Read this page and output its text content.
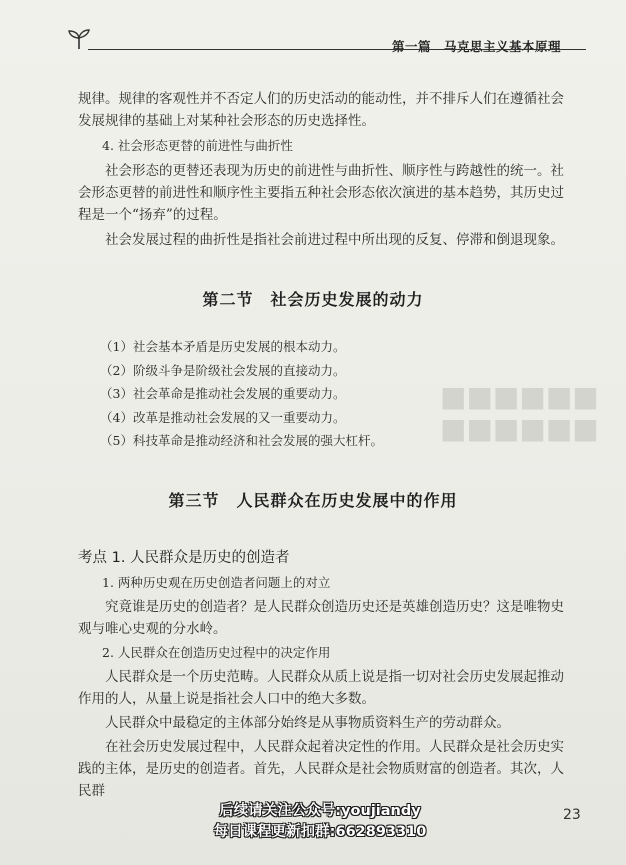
第一篇　马克思主义基本原理
■■■■■■
■■■■■■

规律。规律的客观性并不否定人们的历史活动的能动性，并不排斥人们在遵循社会发展规律的基础上对某种社会形态的历史选择性。

4. 社会形态更替的前进性与曲折性

社会形态的更替还表现为历史的前进性与曲折性、顺序性与跨越性的统一。社会形态更替的前进性和顺序性主要指五种社会形态依次演进的基本趋势，其历史过程是一个“扬弃”的过程。

社会发展过程的曲折性是指社会前进过程中所出现的反复、停滞和倒退现象。

第二节　社会历史发展的动力

（1）社会基本矛盾是历史发展的根本动力。

（2）阶级斗争是阶级社会发展的直接动力。

（3）社会革命是推动社会发展的重要动力。

（4）改革是推动社会发展的又一重要动力。

（5）科技革命是推动经济和社会发展的强大杠杆。

第三节　人民群众在历史发展中的作用
考点 1. 人民群众是历史的创造者

1. 两种历史观在历史创造者问题上的对立

究竟谁是历史的创造者？是人民群众创造历史还是英雄创造历史？这是唯物史观与唯心史观的分水岭。

2. 人民群众在创造历史过程中的决定作用

人民群众是一个历史范畴。人民群众从质上说是指一切对社会历史发展起推动作用的人，从量上说是指社会人口中的绝大多数。

人民群众中最稳定的主体部分始终是从事物质资料生产的劳动群众。

在社会历史发展过程中，人民群众起着决定性的作用。人民群众是社会历史实践的主体，是历史的创造者。首先，人民群众是社会物质财富的创造者。其次，人民群

23
后续请关注公众号:youjiandy
每日课程更新扣群:662893310
